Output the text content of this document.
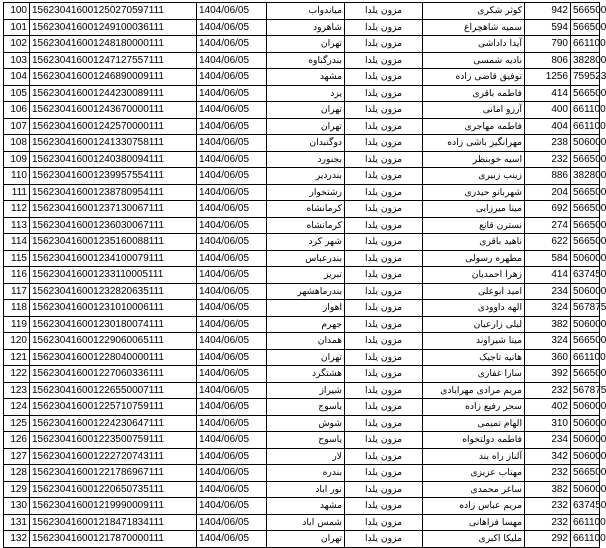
100	156230416001250270597111	1404/06/05	میاندواب	مزون یلدا	کوثر شکری	942	566500
101	156230416001249100036111	1404/06/05	شاهرود	مزون یلدا	سمیه شاهچراغ	594	566500
102	156230416001248180000111	1404/06/05	تهران	مزون یلدا	آیدا داداشی	790	661100
103	156230416001247127557111	1404/06/05	بندرگناوه	مزون یلدا	نادیه شمسی	806	382800
104	156230416001246890009111	1404/06/05	مشهد	مزون یلدا	توفیق قاضی زاده	1256	759523
105	156230416001244230089111	1404/06/05	یزد	مزون یلدا	فاطمه باقری	414	566500
106	156230416001243670000111	1404/06/05	تهران	مزون یلدا	آرزو امانی	400	661100
107	156230416001242570000111	1404/06/05	تهران	مزون یلدا	فاطمه مهاجری	404	661100
108	156230416001241330758111	1404/06/05	دوگنبدان	مزون یلدا	مهرانگیز باشی زاده	238	506000
109	156230416001240380094111	1404/06/05	بجنورد	مزون یلدا	اسیه خوبنظر	232	566500
110	156230416001239957554111	1404/06/05	بندردیر	مزون یلدا	زینب زبیری	886	382800
111	156230416001238780954111	1404/06/05	رشتخوار	مزون یلدا	شهربانو حیدری	204	566500
112	156230416001237130067111	1404/06/05	کرمانشاه	مزون یلدا	مینا میرزایی	692	566500
113	156230416001236030067111	1404/06/05	کرمانشاه	مزون یلدا	نسترن قانع	274	566500
114	156230416001235160088111	1404/06/05	شهر کرد	مزون یلدا	ناهید باقری	622	566500
115	156230416001234100079111	1404/06/05	بندرعباس	مزون یلدا	مطهره رسولی	584	506000
116	156230416001233110005111	1404/06/05	تبریز	مزون یلدا	زهرا احمدیان	414	637450
117	156230416001232820635111	1404/06/05	بندرماهشهر	مزون یلدا	امید ابوعلی	234	506000
118	156230416001231010006111	1404/06/05	اهواز	مزون یلدا	الهه داوودی	324	567875
119	156230416001230180074111	1404/06/05	جهرم	مزون یلدا	لیلی زارعیان	382	506000
120	156230416001229060065111	1404/06/05	همدان	مزون یلدا	مینا شیراوند	324	566500
121	156230416001228040000111	1404/06/05	تهران	مزون یلدا	هانیه تاجیک	360	661100
122	156230416001227060336111	1404/06/05	هشتگرد	مزون یلدا	سارا غفاری	392	566500
123	156230416001226550007111	1404/06/05	شیراز	مزون یلدا	مریم مرادی مهرابادی	232	567875
124	156230416001225710759111	1404/06/05	یاسوج	مزون یلدا	سحر رفیع زاده	402	506000
125	156230416001224230647111	1404/06/05	شوش	مزون یلدا	الهام تمیمی	310	506000
126	156230416001223500759111	1404/06/05	یاسوج	مزون یلدا	فاطمه دولتخواه	234	506000
127	156230416001222720743111	1404/06/05	لار	مزون یلدا	آلناز راه بند	342	506000
128	156230416001221786967111	1404/06/05	بندره	مزون یلدا	مهتاب عزیزی	232	566500
129	156230416001220650735111	1404/06/05	نور اباد	مزون یلدا	ساغر محمدی	382	506000
130	156230416001219990009111	1404/06/05	مشهد	مزون یلدا	مریم عباس زاده	232	637450
131	156230416001218471834111	1404/06/05	شمس اباد	مزون یلدا	مهسا فراهانی	232	661100
132	156230416001217870000111	1404/06/05	تهران	مزون یلدا	ملیکا اکبری	292	661100
